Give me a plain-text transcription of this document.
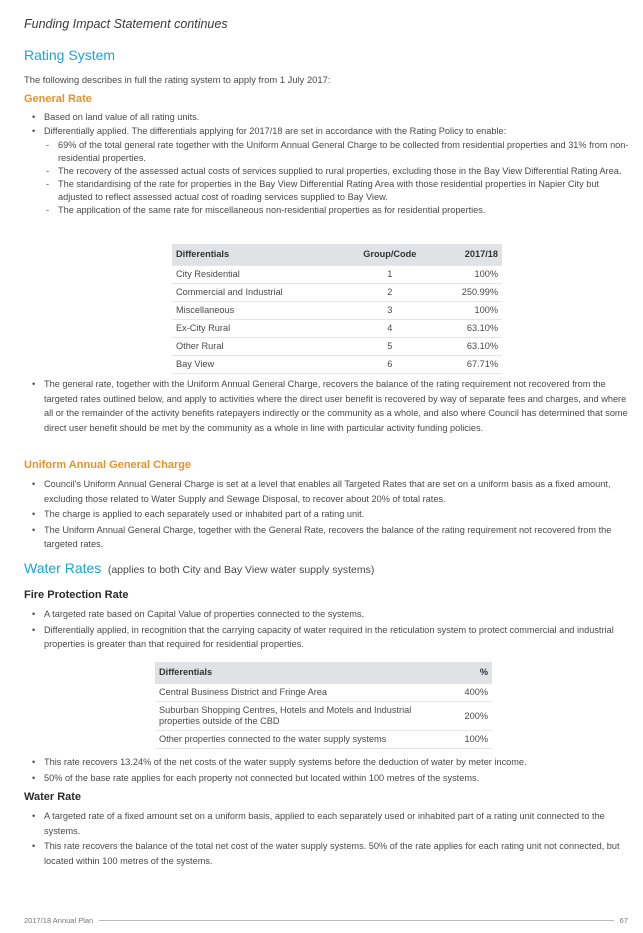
Funding Impact Statement continues
Rating System
The following describes in full the rating system to apply from 1 July 2017:
General Rate
• Based on land value of all rating units.
• Differentially applied. The differentials applying for 2017/18 are set in accordance with the Rating Policy to enable:
- 69% of the total general rate together with the Uniform Annual General Charge to be collected from residential properties and 31% from non-residential properties.
- The recovery of the assessed actual costs of services supplied to rural properties, excluding those in the Bay View Differential Rating Area.
- The standardising of the rate for properties in the Bay View Differential Rating Area with those residential properties in Napier City but adjusted to reflect assessed actual cost of roading services supplied to Bay View.
- The application of the same rate for miscellaneous non-residential properties as for residential properties.
Differentials	Group/Code	2017/18
City Residential	1	100%
Commercial and Industrial	2	250.99%
Miscellaneous	3	100%
Ex-City Rural	4	63.10%
Other Rural	5	63.10%
Bay View	6	67.71%
• The general rate, together with the Uniform Annual General Charge, recovers the balance of the rating requirement not recovered from the targeted rates outlined below, and apply to activities where the direct user benefit is recovered by way of separate fees and charges, and where all or the remainder of the activity benefits ratepayers indirectly or the community as a whole, and also where Council has determined that some direct user benefit should be met by the community as a whole in line with particular activity funding policies.
Uniform Annual General Charge
• Council's Uniform Annual General Charge is set at a level that enables all Targeted Rates that are set on a uniform basis as a fixed amount, excluding those related to Water Supply and Sewage Disposal, to recover about 20% of total rates.
• The charge is applied to each separately used or inhabited part of a rating unit.
• The Uniform Annual General Charge, together with the General Rate, recovers the balance of the rating requirement not recovered from the targeted rates.
Water Rates (applies to both City and Bay View water supply systems)
Fire Protection Rate
• A targeted rate based on Capital Value of properties connected to the systems.
• Differentially applied, in recognition that the carrying capacity of water required in the reticulation system to protect commercial and industrial properties is greater than that required for residential properties.
Differentials	%
Central Business District and Fringe Area	400%
Suburban Shopping Centres, Hotels and Motels and Industrial properties outside of the CBD	200%
Other properties connected to the water supply systems	100%
• This rate recovers 13.24% of the net costs of the water supply systems before the deduction of water by meter income.
• 50% of the base rate applies for each property not connected but located within 100 metres of the systems.
Water Rate
• A targeted rate of a fixed amount set on a uniform basis, applied to each separately used or inhabited part of a rating unit connected to the systems.
• This rate recovers the balance of the total net cost of the water supply systems. 50% of the rate applies for each rating unit not connected, but located within 100 metres of the systems.
2017/18 Annual Plan	67
